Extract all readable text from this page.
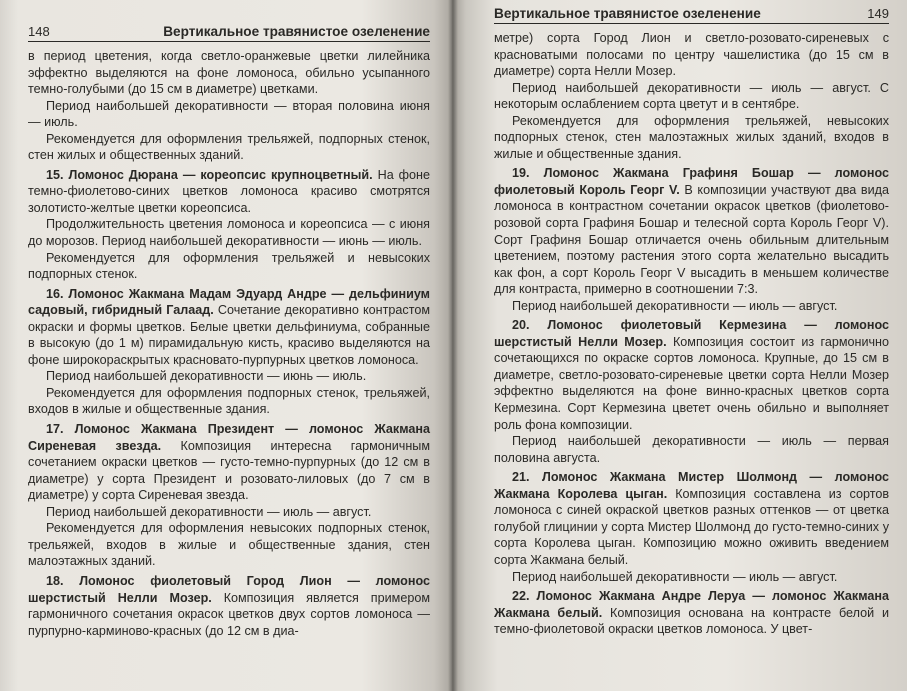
148	Вертикальное травянистое озеленение

в период цветения, когда светло-оранжевые цветки лилейника эффектно выделяются на фоне ломоноса, обильно усыпанного темно-голубыми (до 15 см в диаметре) цветками.

Период наибольшей декоративности — вторая половина июня — июль.

Рекомендуется для оформления трельяжей, подпорных стенок, стен жилых и общественных зданий.

15. Ломонос Дюрана — кореопсис крупноцветный. На фоне темно-фиолетово-синих цветков ломоноса красиво смотрятся золотисто-желтые цветки кореопсиса.

Продолжительность цветения ломоноса и кореопсиса — с июня до морозов. Период наибольшей декоративности — июнь — июль.

Рекомендуется для оформления трельяжей и невысоких подпорных стенок.

16. Ломонос Жакмана Мадам Эдуард Андре — дельфиниум садовый, гибридный Галаад. Сочетание декоративно контрастом окраски и формы цветков. Белые цветки дельфиниума, собранные в высокую (до 1 м) пирамидальную кисть, красиво выделяются на фоне широкораскрытых красновато-пурпурных цветков ломоноса.

Период наибольшей декоративности — июнь — июль.

Рекомендуется для оформления подпорных стенок, трельяжей, входов в жилые и общественные здания.

17. Ломонос Жакмана Президент — ломонос Жакмана Сиреневая звезда. Композиция интересна гармоничным сочетанием окраски цветков — густо-темно-пурпурных (до 12 см в диаметре) у сорта Президент и розовато-лиловых (до 7 см в диаметре) у сорта Сиреневая звезда.

Период наибольшей декоративности — июль — август.

Рекомендуется для оформления невысоких подпорных стенок, трельяжей, входов в жилые и общественные здания, стен малоэтажных зданий.

18. Ломонос фиолетовый Город Лион — ломонос шерстистый Нелли Мозер. Композиция является примером гармоничного сочетания окрасок цветков двух сортов ломоноса — пурпурно-карминово-красных (до 12 см в диа-

Вертикальное травянистое озеленение	149

метре) сорта Город Лион и светло-розовато-сиреневых с красноватыми полосами по центру чашелистика (до 15 см в диаметре) сорта Нелли Мозер.

Период наибольшей декоративности — июль — август. С некоторым ослаблением сорта цветут и в сентябре.

Рекомендуется для оформления трельяжей, невысоких подпорных стенок, стен малоэтажных жилых зданий, входов в жилые и общественные здания.

19. Ломонос Жакмана Графиня Бошар — ломонос фиолетовый Король Георг V. В композиции участвуют два вида ломоноса в контрастном сочетании окрасок цветков (фиолетово-розовой сорта Графиня Бошар и телесной сорта Король Георг V). Сорт Графиня Бошар отличается очень обильным длительным цветением, поэтому растения этого сорта желательно высадить как фон, а сорт Король Георг V высадить в меньшем количестве для контраста, примерно в соотношении 7:3.

Период наибольшей декоративности — июль — август.

20. Ломонос фиолетовый Кермезина — ломонос шерстистый Нелли Мозер. Композиция состоит из гармонично сочетающихся по окраске сортов ломоноса. Крупные, до 15 см в диаметре, светло-розовато-сиреневые цветки сорта Нелли Мозер эффектно выделяются на фоне винно-красных цветков сорта Кермезина. Сорт Кермезина цветет очень обильно и выполняет роль фона композиции.

Период наибольшей декоративности — июль — первая половина августа.

21. Ломонос Жакмана Мистер Шолмонд — ломонос Жакмана Королева цыган. Композиция составлена из сортов ломоноса с синей окраской цветков разных оттенков — от цветка голубой глицинии у сорта Мистер Шолмонд до густо-темно-синих у сорта Королева цыган. Композицию можно оживить введением сорта Жакмана белый.

Период наибольшей декоративности — июль — август.

22. Ломонос Жакмана Андре Леруа — ломонос Жакмана Жакмана белый. Композиция основана на контрасте белой и темно-фиолетовой окраски цветков ломоноса. У цвет-
